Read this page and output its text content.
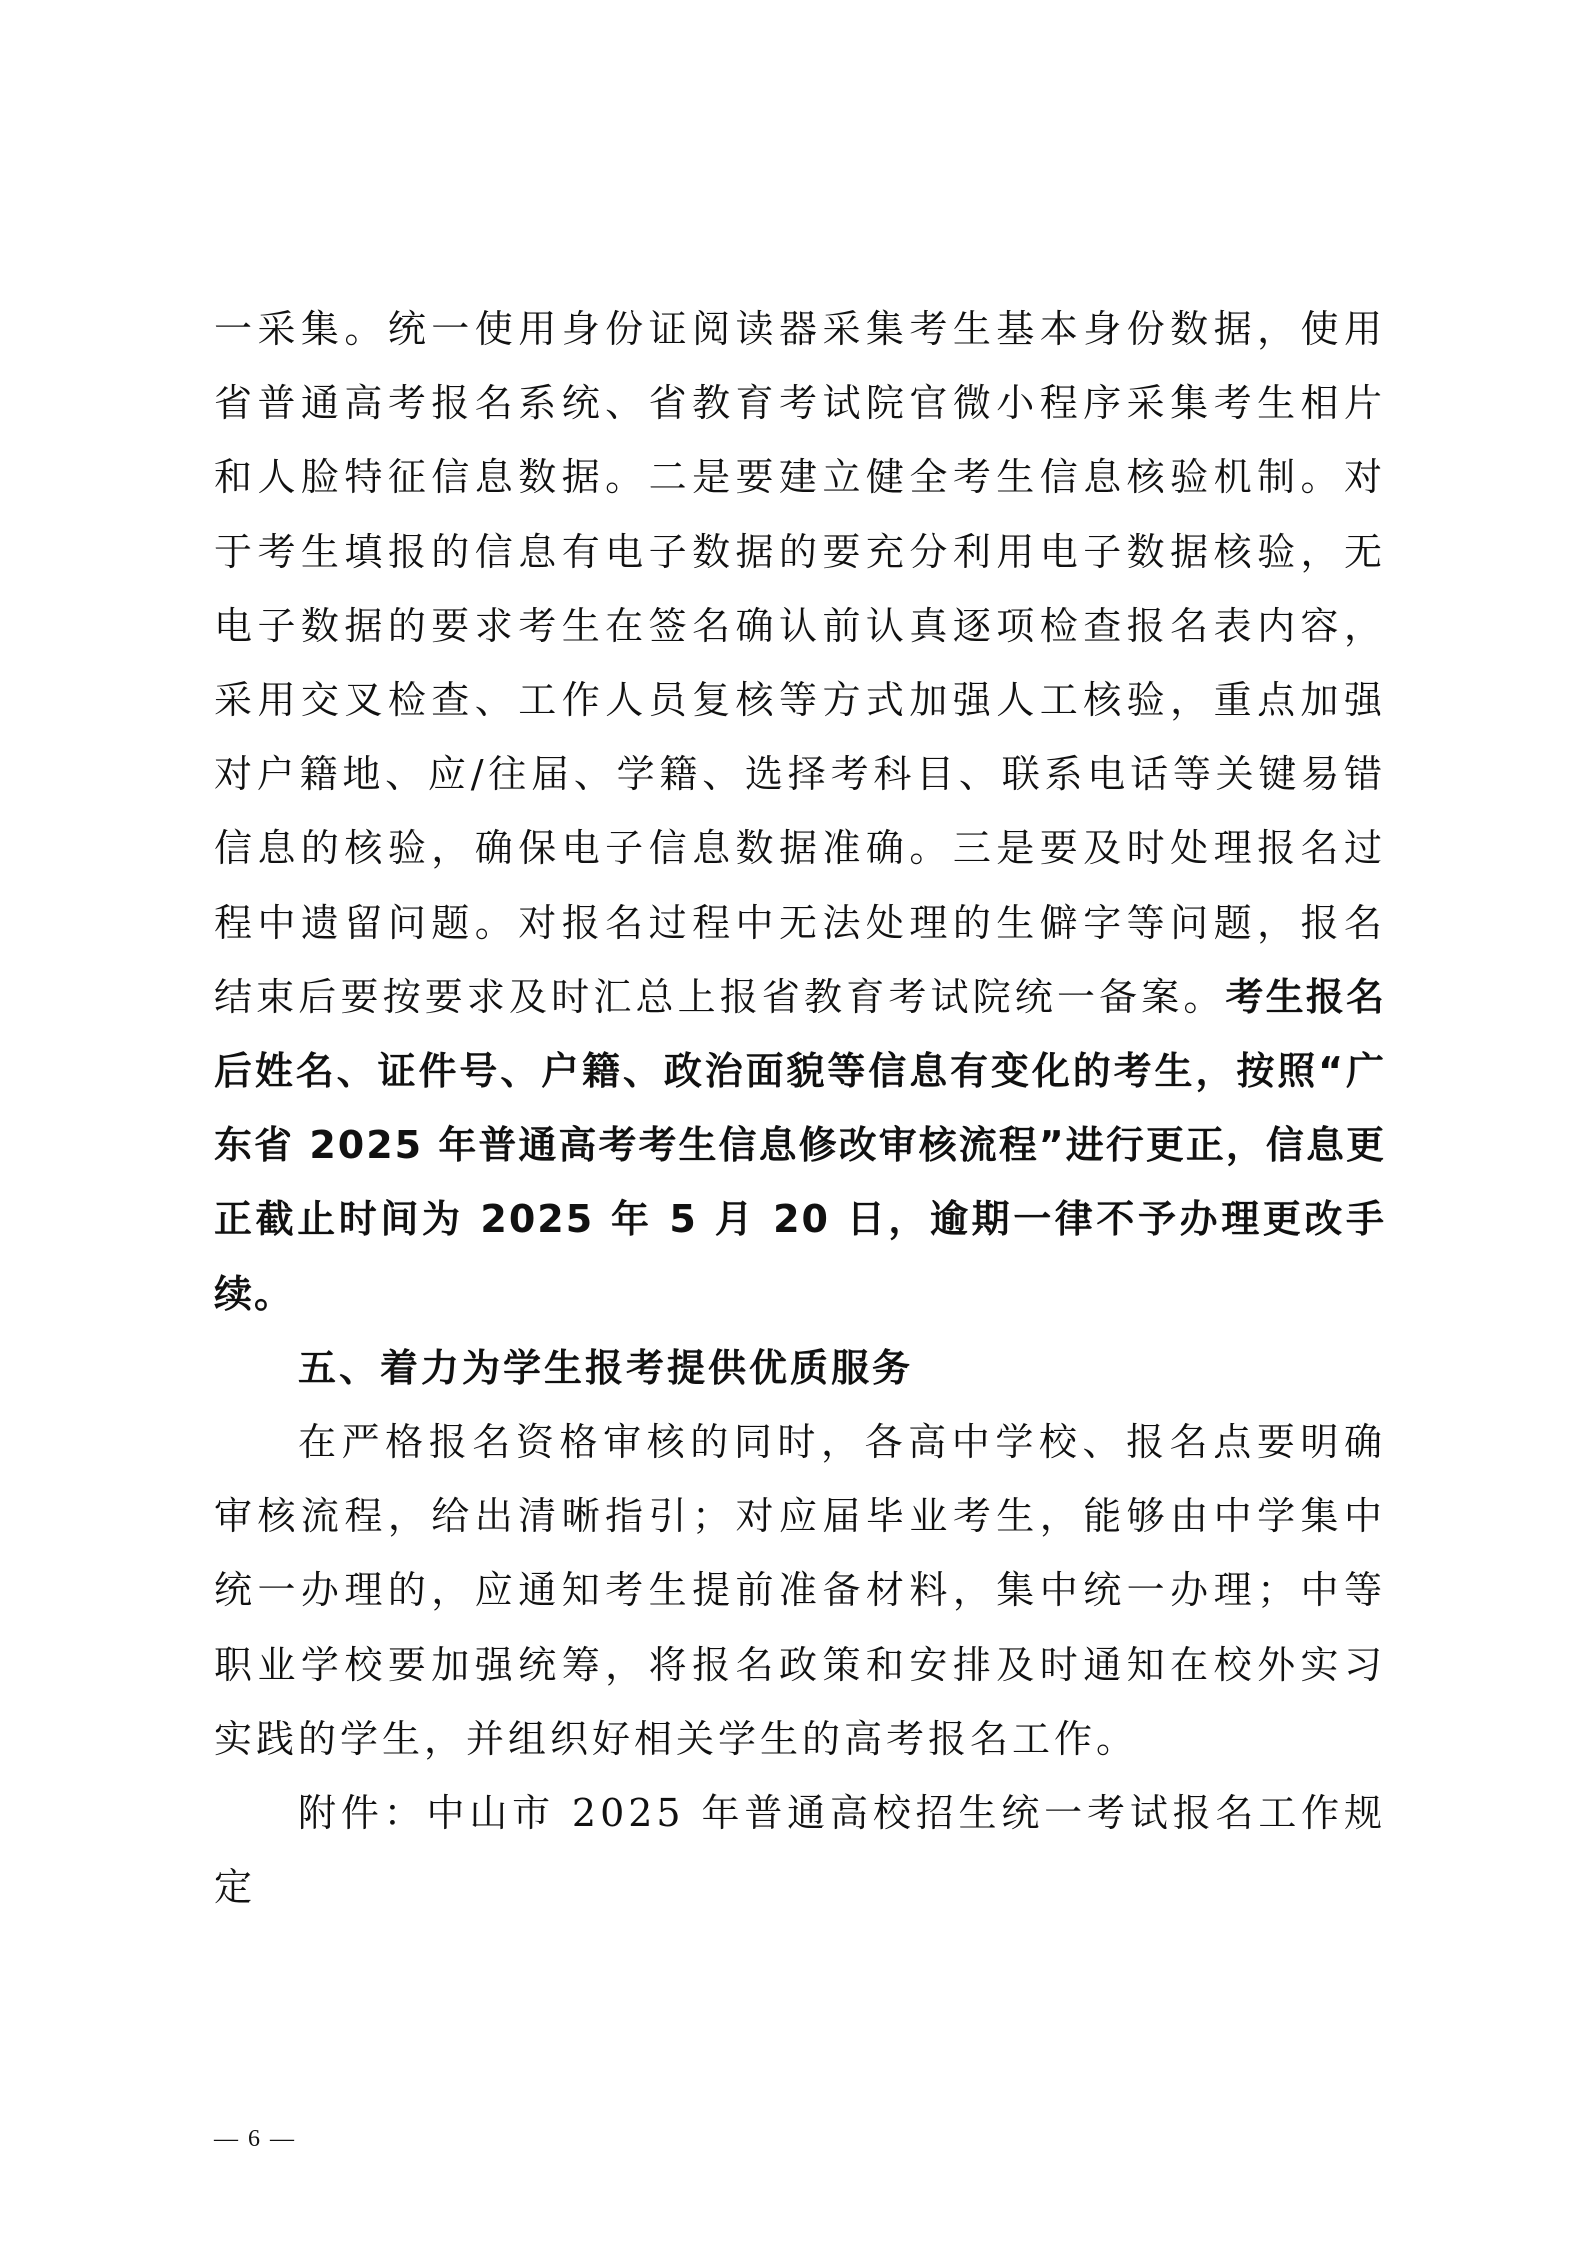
一采集。统一使用身份证阅读器采集考生基本身份数据，使用省普通高考报名系统、省教育考试院官微小程序采集考生相片和人脸特征信息数据。二是要建立健全考生信息核验机制。对于考生填报的信息有电子数据的要充分利用电子数据核验，无电子数据的要求考生在签名确认前认真逐项检查报名表内容，采用交叉检查、工作人员复核等方式加强人工核验，重点加强对户籍地、应/往届、学籍、选择考科目、联系电话等关键易错信息的核验，确保电子信息数据准确。三是要及时处理报名过程中遗留问题。对报名过程中无法处理的生僻字等问题，报名结束后要按要求及时汇总上报省教育考试院统一备案。考生报名后姓名、证件号、户籍、政治面貌等信息有变化的考生，按照“广东省 2025 年普通高考考生信息修改审核流程”进行更正，信息更正截止时间为 2025 年 5 月 20 日，逾期一律不予办理更改手续。

五、着力为学生报考提供优质服务

在严格报名资格审核的同时，各高中学校、报名点要明确审核流程，给出清晰指引；对应届毕业考生，能够由中学集中统一办理的，应通知考生提前准备材料，集中统一办理；中等职业学校要加强统筹，将报名政策和安排及时通知在校外实习实践的学生，并组织好相关学生的高考报名工作。

附件：中山市 2025 年普通高校招生统一考试报名工作规定

— 6 —
